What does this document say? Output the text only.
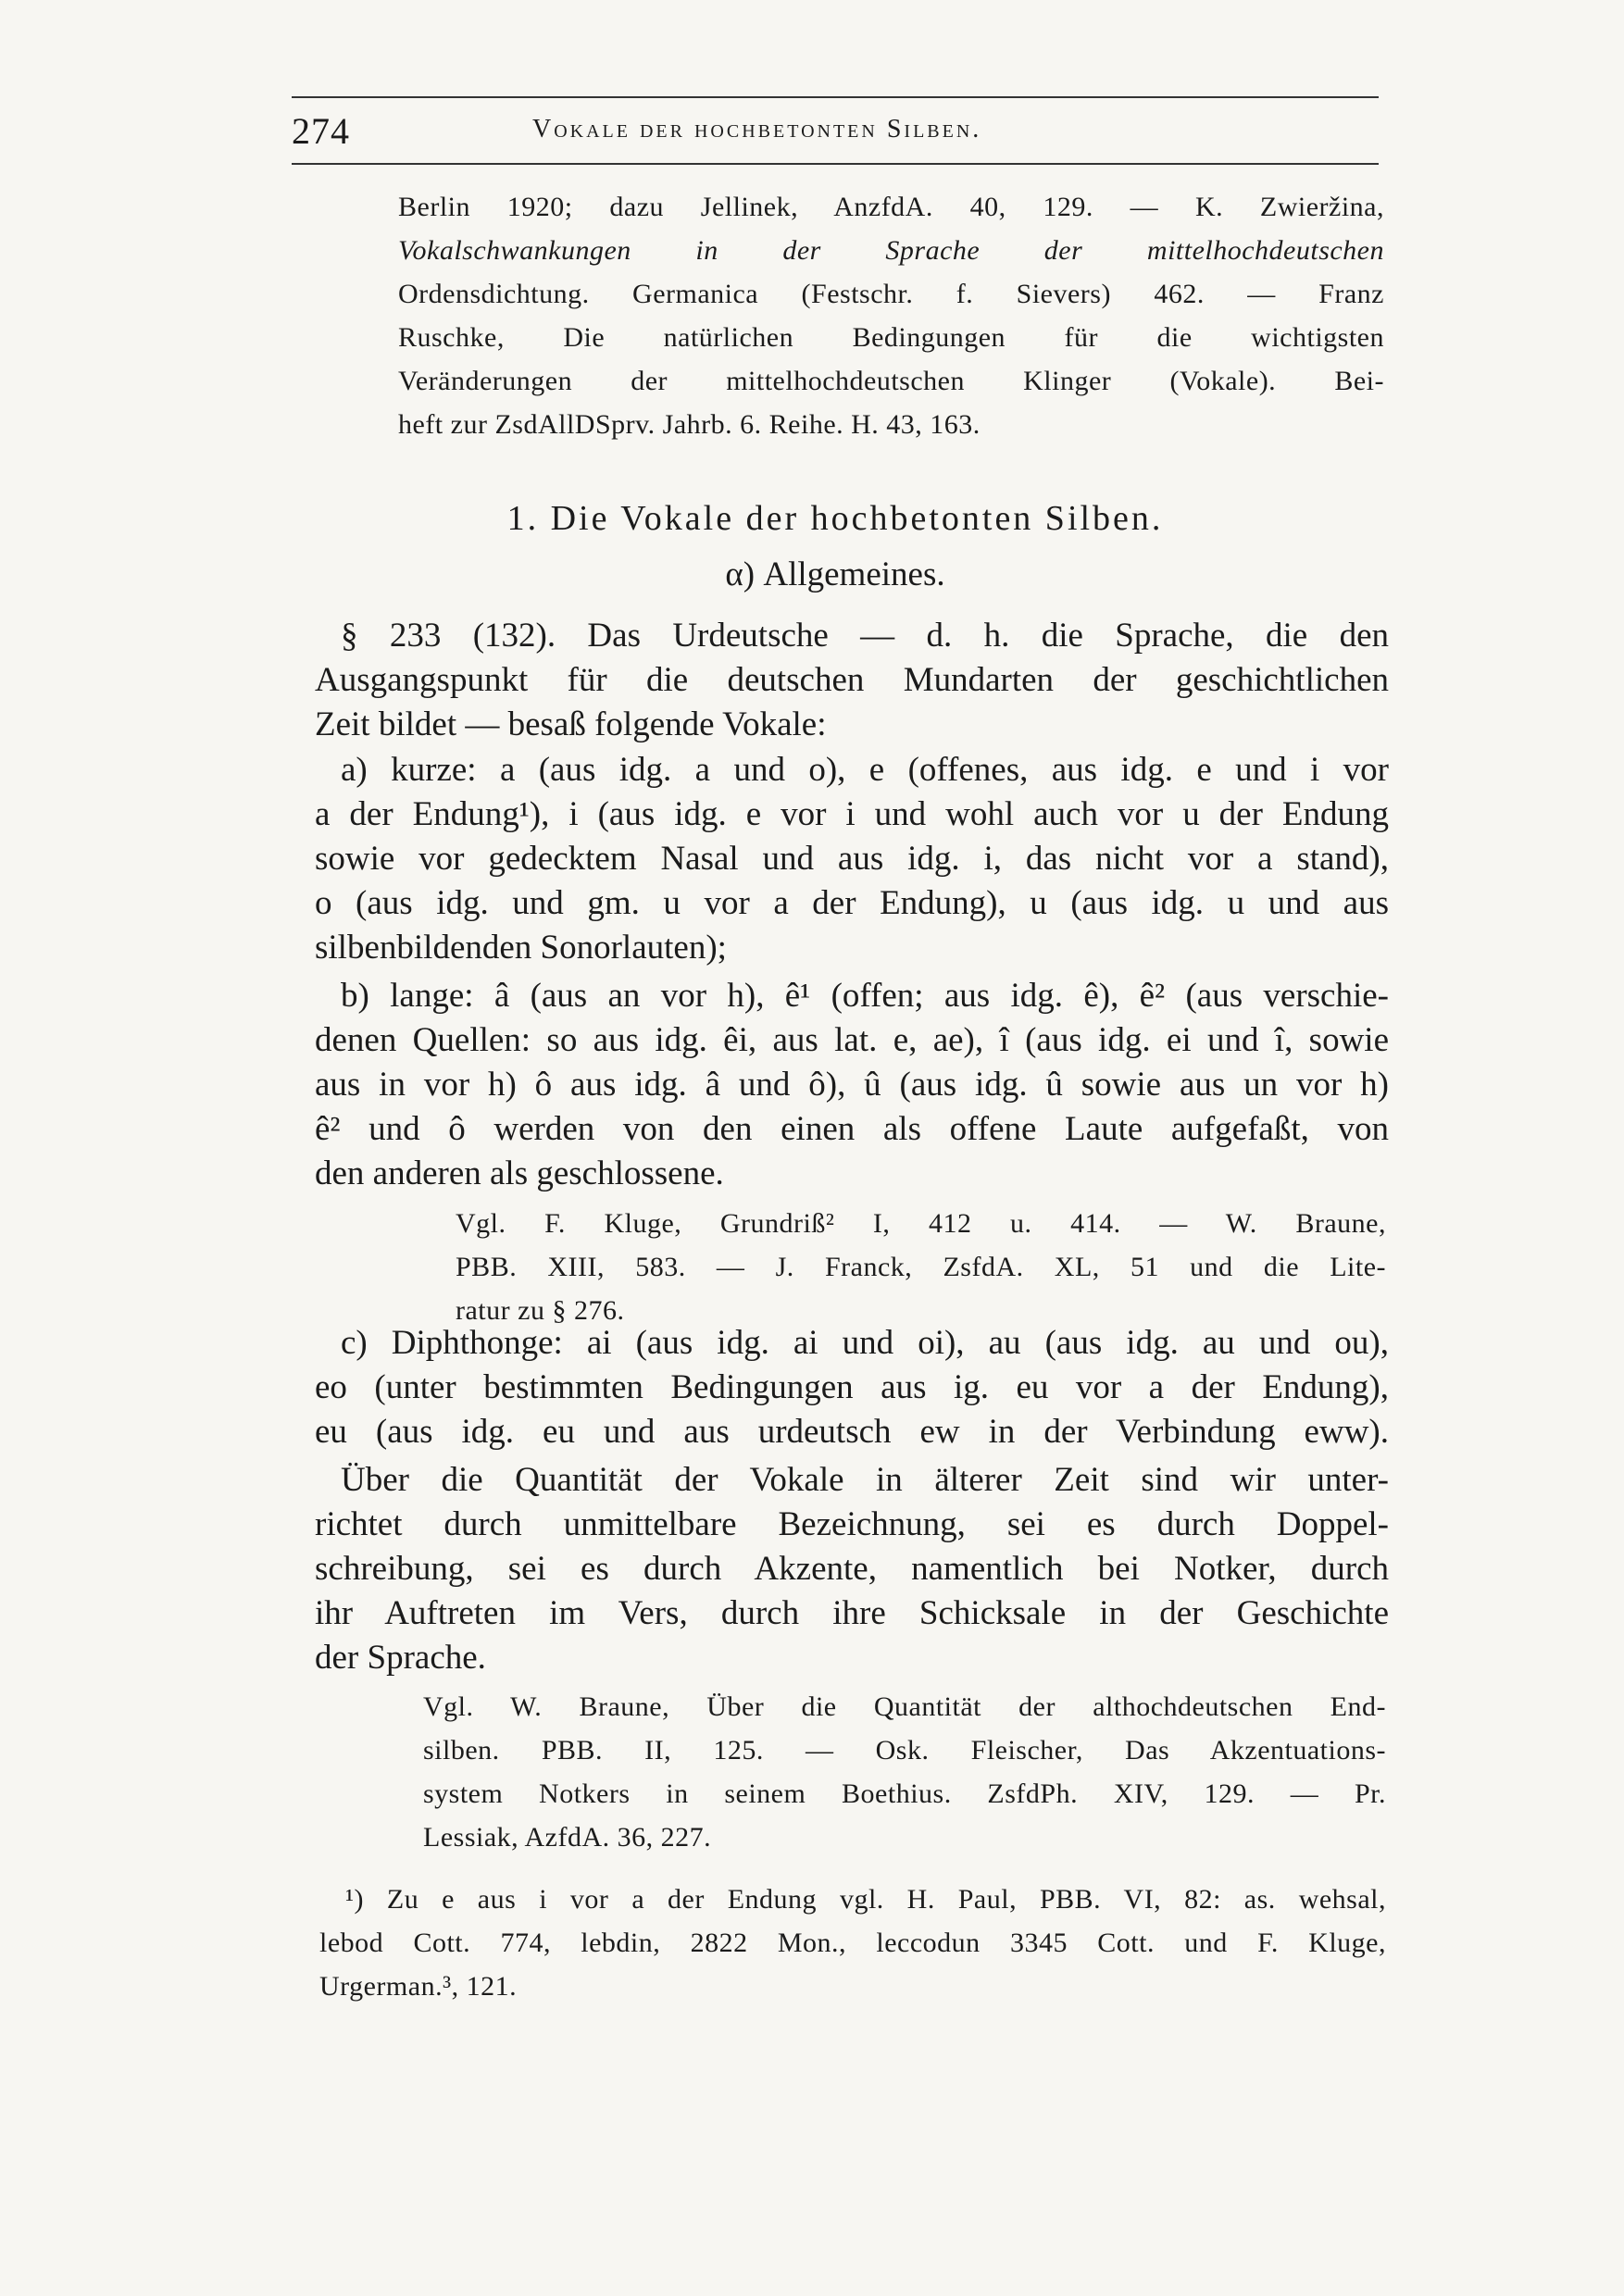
274	Vokale der hochbetonten Silben.
Berlin 1920; dazu Jellinek, AnzfdA. 40, 129. — K. Zwieržina,
Vokalschwankungen in der Sprache der mittelhochdeutschen
Ordensdichtung. Germanica (Festschr. f. Sievers) 462. — Franz
Ruschke, Die natürlichen Bedingungen für die wichtigsten
Veränderungen der mittelhochdeutschen Klinger (Vokale). Bei-
heft zur ZsdAllDSprv. Jahrb. 6. Reihe. H. 43, 163.
1. Die Vokale der hochbetonten Silben.
α) Allgemeines.
§ 233 (132). Das Urdeutsche — d. h. die Sprache, die den
Ausgangspunkt für die deutschen Mundarten der geschichtlichen
Zeit bildet — besaß folgende Vokale:
a) kurze: a (aus idg. a und o), e (offenes, aus idg. e und i vor
a der Endung¹), i (aus idg. e vor i und wohl auch vor u der Endung
sowie vor gedecktem Nasal und aus idg. i, das nicht vor a stand),
o (aus idg. und gm. u vor a der Endung), u (aus idg. u und aus
silbenbildenden Sonorlauten);
b) lange: â (aus an vor h), ê¹ (offen; aus idg. ê), ê² (aus verschie-
denen Quellen: so aus idg. êi, aus lat. e, ae), î (aus idg. ei und î, sowie
aus in vor h) ô aus idg. â und ô), û (aus idg. û sowie aus un vor h)
ê² und ô werden von den einen als offene Laute aufgefaßt, von
den anderen als geschlossene.
Vgl. F. Kluge, Grundriß² I, 412 u. 414. — W. Braune,
PBB. XIII, 583. — J. Franck, ZsfdA. XL, 51 und die Lite-
ratur zu § 276.
c) Diphthonge: ai (aus idg. ai und oi), au (aus idg. au und ou),
eo (unter bestimmten Bedingungen aus ig. eu vor a der Endung),
eu (aus idg. eu und aus urdeutsch ew in der Verbindung eww).
Über die Quantität der Vokale in älterer Zeit sind wir unter-
richtet durch unmittelbare Bezeichnung, sei es durch Doppel-
schreibung, sei es durch Akzente, namentlich bei Notker, durch
ihr Auftreten im Vers, durch ihre Schicksale in der Geschichte
der Sprache.
Vgl. W. Braune, Über die Quantität der althochdeutschen End-
silben. PBB. II, 125. — Osk. Fleischer, Das Akzentuations-
system Notkers in seinem Boethius. ZsfdPh. XIV, 129. — Pr.
Lessiak, AzfdA. 36, 227.
¹) Zu e aus i vor a der Endung vgl. H. Paul, PBB. VI, 82: as. wehsal,
lebod Cott. 774, lebdin, 2822 Mon., leccodun 3345 Cott. und F. Kluge,
Urgerman.³, 121.
